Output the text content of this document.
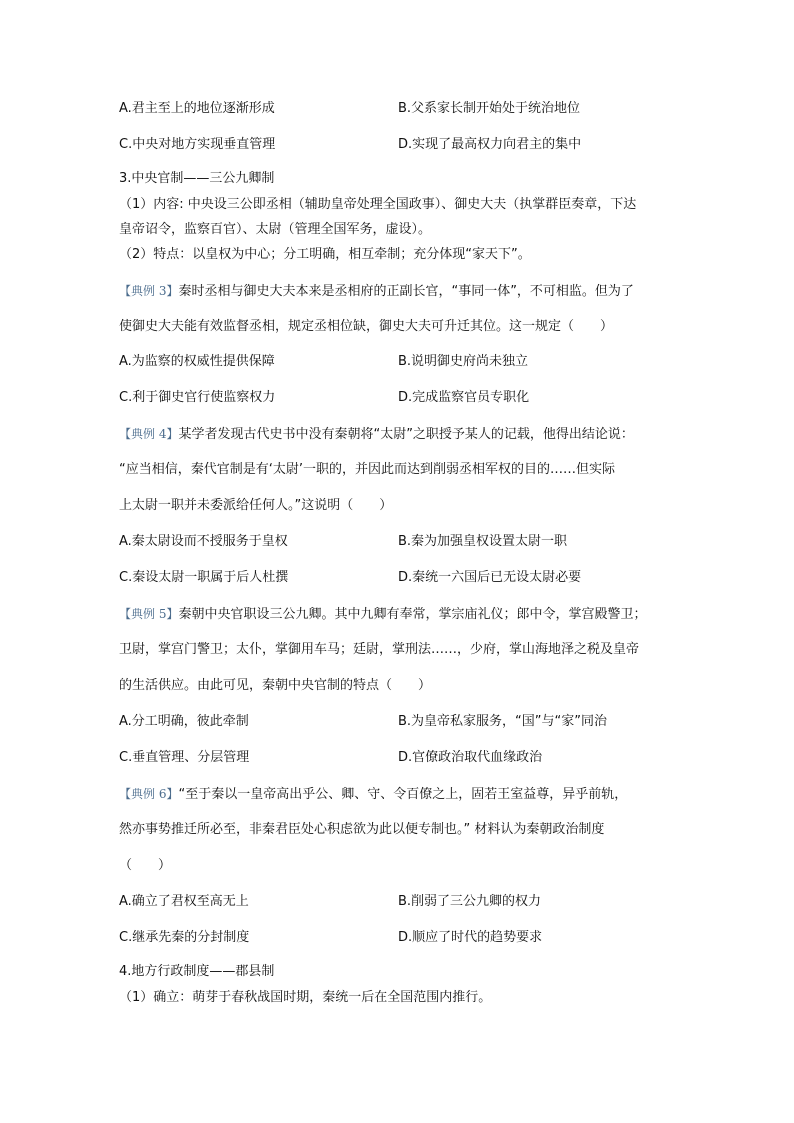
A.君主至上的地位逐渐形成	B.父系家长制开始处于统治地位
C.中央对地方实现垂直管理	D.实现了最高权力向君主的集中
3.中央官制——三公九卿制
（1）内容: 中央设三公即丞相（辅助皇帝处理全国政事）、御史大夫（执掌群臣奏章，下达
皇帝诏令，监察百官）、太尉（管理全国军务，虚设）。
（2）特点：以皇权为中心；分工明确，相互牵制；充分体现“家天下”。
【典例 3】秦时丞相与御史大夫本来是丞相府的正副长官，“事同一体”，不可相监。但为了
使御史大夫能有效监督丞相，规定丞相位缺，御史大夫可升迁其位。这一规定（　　）
A.为监察的权威性提供保障	B.说明御史府尚未独立
C.利于御史官行使监察权力	D.完成监察官员专职化
【典例 4】某学者发现古代史书中没有秦朝将“太尉”之职授予某人的记载，他得出结论说：
“应当相信，秦代官制是有‘太尉’一职的，并因此而达到削弱丞相军权的目的……但实际
上太尉一职并未委派给任何人。”这说明（　　）
A.秦太尉设而不授服务于皇权	B.秦为加强皇权设置太尉一职
C.秦设太尉一职属于后人杜撰	D.秦统一六国后已无设太尉必要
【典例 5】秦朝中央官职设三公九卿。其中九卿有奉常，掌宗庙礼仪；郎中令，掌宫殿警卫；
卫尉，掌宫门警卫；太仆，掌御用车马；廷尉，掌刑法……，少府，掌山海地泽之税及皇帝
的生活供应。由此可见，秦朝中央官制的特点（　　）
A.分工明确，彼此牵制	B.为皇帝私家服务，“国”与“家”同治
C.垂直管理、分层管理	D.官僚政治取代血缘政治
【典例 6】“至于秦以一皇帝高出乎公、卿、守、令百僚之上，固若王室益尊，异乎前轨，
然亦事势推迁所必至，非秦君臣处心积虑欲为此以便专制也。” 材料认为秦朝政治制度
（　　）
A.确立了君权至高无上	B.削弱了三公九卿的权力
C.继承先秦的分封制度	D.顺应了时代的趋势要求
4.地方行政制度——郡县制
（1）确立：萌芽于春秋战国时期，秦统一后在全国范围内推行。
